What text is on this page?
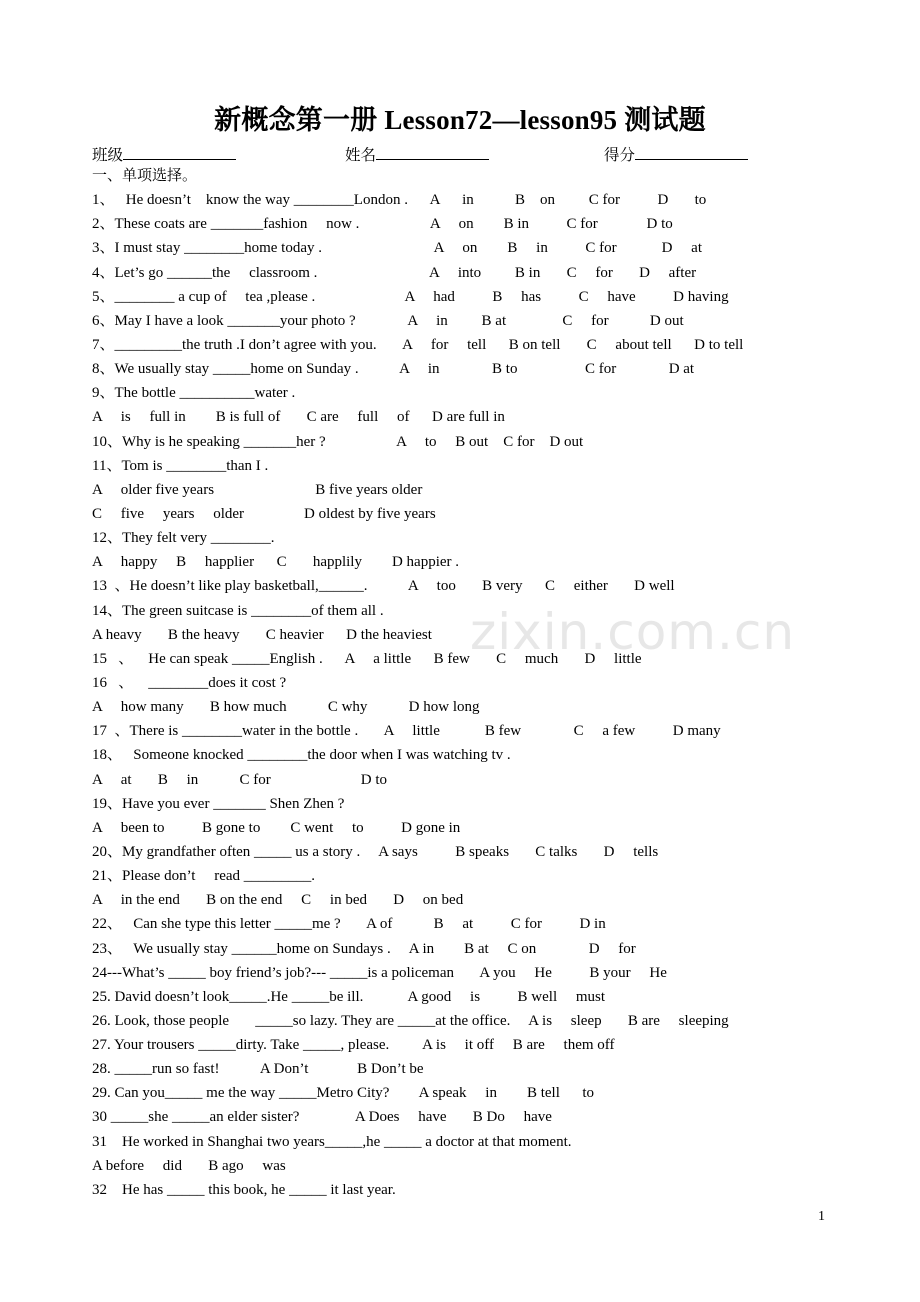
新概念第一册 Lesson72—lesson95 测试题
班级	姓名	得分
zixin.com.cn
一、单项选择。
1、   He doesn’t    know the way ________London .      A      in           B    on         C for          D       to
2、These coats are _______fashion     now .                   A     on        B in          C for             D to
3、I must stay ________home today .                              A     on        B     in          C for            D     at
4、Let’s go ______the     classroom .                              A     into         B in       C     for       D     after
5、________ a cup of     tea ,please .                        A     had          B     has          C     have          D having
6、May I have a look _______your photo ?              A     in         B at               C     for           D out
7、_________the truth .I don’t agree with you.       A     for     tell      B on tell       C     about tell      D to tell
8、We usually stay _____home on Sunday .           A     in              B to                  C for              D at
9、The bottle __________water .
A     is     full in        B is full of       C are     full     of      D are full in
10、Why is he speaking _______her ?                   A     to     B out    C for    D out
11、Tom is ________than I .
A     older five years                           B five years older
C     five     years     older                D oldest by five years
12、They felt very ________.
A     happy     B     happlier      C       happlily        D happier .
13  、He doesn’t like play basketball,______.           A     too       B very      C     either       D well
14、The green suitcase is ________of them all .
A heavy       B the heavy       C heavier      D the heaviest
15   、    He can speak _____English .      A     a little      B few       C     much       D     little
16   、    ________does it cost ?
A     how many       B how much           C why           D how long
17  、There is ________water in the bottle .       A     little            B few              C     a few          D many
18、   Someone knocked ________the door when I was watching tv .
A     at       B     in           C for                        D to
19、Have you ever _______ Shen Zhen ?
A     been to          B gone to        C went     to          D gone in
20、My grandfather often _____ us a story .     A says          B speaks       C talks       D     tells
21、Please don’t     read _________.
A     in the end       B on the end     C     in bed       D     on bed
22、   Can she type this letter _____me ?       A of           B     at          C for          D in
23、   We usually stay ______home on Sundays .     A in        B at     C on              D     for
24---What’s _____ boy friend’s job?--- _____is a policeman       A you     He          B your     He
25. David doesn’t look_____.He _____be ill.            A good     is          B well     must
26. Look, those people       _____so lazy. They are _____at the office.     A is     sleep       B are     sleeping
27. Your trousers _____dirty. Take _____, please.         A is     it off     B are     them off
28. _____run so fast!           A Don’t             B Don’t be
29. Can you_____ me the way _____Metro City?        A speak     in        B tell      to
30 _____she _____an elder sister?               A Does     have       B Do     have
31    He worked in Shanghai two years_____,he _____ a doctor at that moment.
A before     did       B ago     was
32    He has _____ this book, he _____ it last year.
1
